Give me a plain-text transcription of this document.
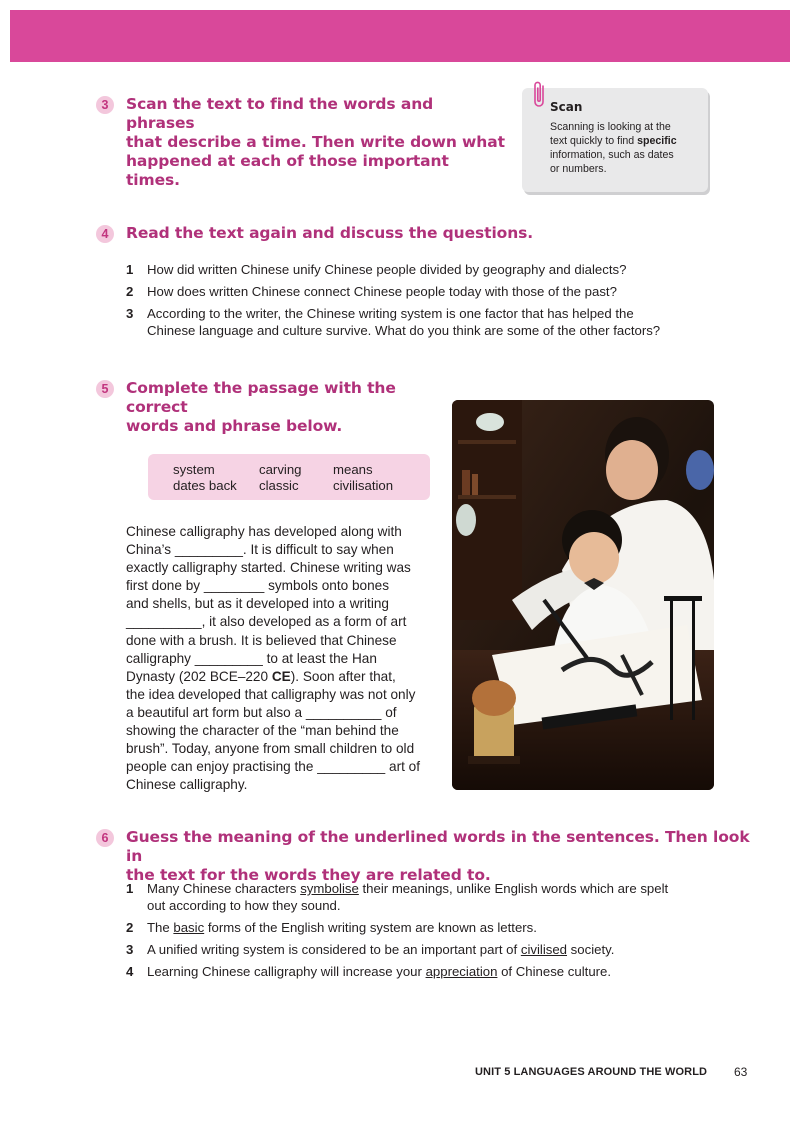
3	Scan the text to find the words and phrases
that describe a time. Then write down what
happened at each of those important times.
Scan
Scanning is looking at the
text quickly to find specific
information, such as dates
or numbers.
4	Read the text again and discuss the questions.
1 How did written Chinese unify Chinese people divided by geography and dialects?
2 How does written Chinese connect Chinese people today with those of the past?
3 According to the writer, the Chinese writing system is one factor that has helped the
Chinese language and culture survive. What do you think are some of the other factors?
5	Complete the passage with the correct
words and phrase below.
system	carving	means
dates back	classic	civilisation
Chinese calligraphy has developed along with
China’s _________. It is difficult to say when
exactly calligraphy started. Chinese writing was
first done by ________ symbols onto bones
and shells, but as it developed into a writing
__________, it also developed as a form of art
done with a brush. It is believed that Chinese
calligraphy _________ to at least the Han
Dynasty (202 BCE–220 CE). Soon after that,
the idea developed that calligraphy was not only
a beautiful art form but also a __________ of
showing the character of the “man behind the
brush”. Today, anyone from small children to old
people can enjoy practising the _________ art of
Chinese calligraphy.
6	Guess the meaning of the underlined words in the sentences. Then look in
the text for the words they are related to.
1 Many Chinese characters symbolise their meanings, unlike English words which are spelt
out according to how they sound.
2 The basic forms of the English writing system are known as letters.
3 A unified writing system is considered to be an important part of civilised society.
4 Learning Chinese calligraphy will increase your appreciation of Chinese culture.
UNIT 5 LANGUAGES AROUND THE WORLD 63
